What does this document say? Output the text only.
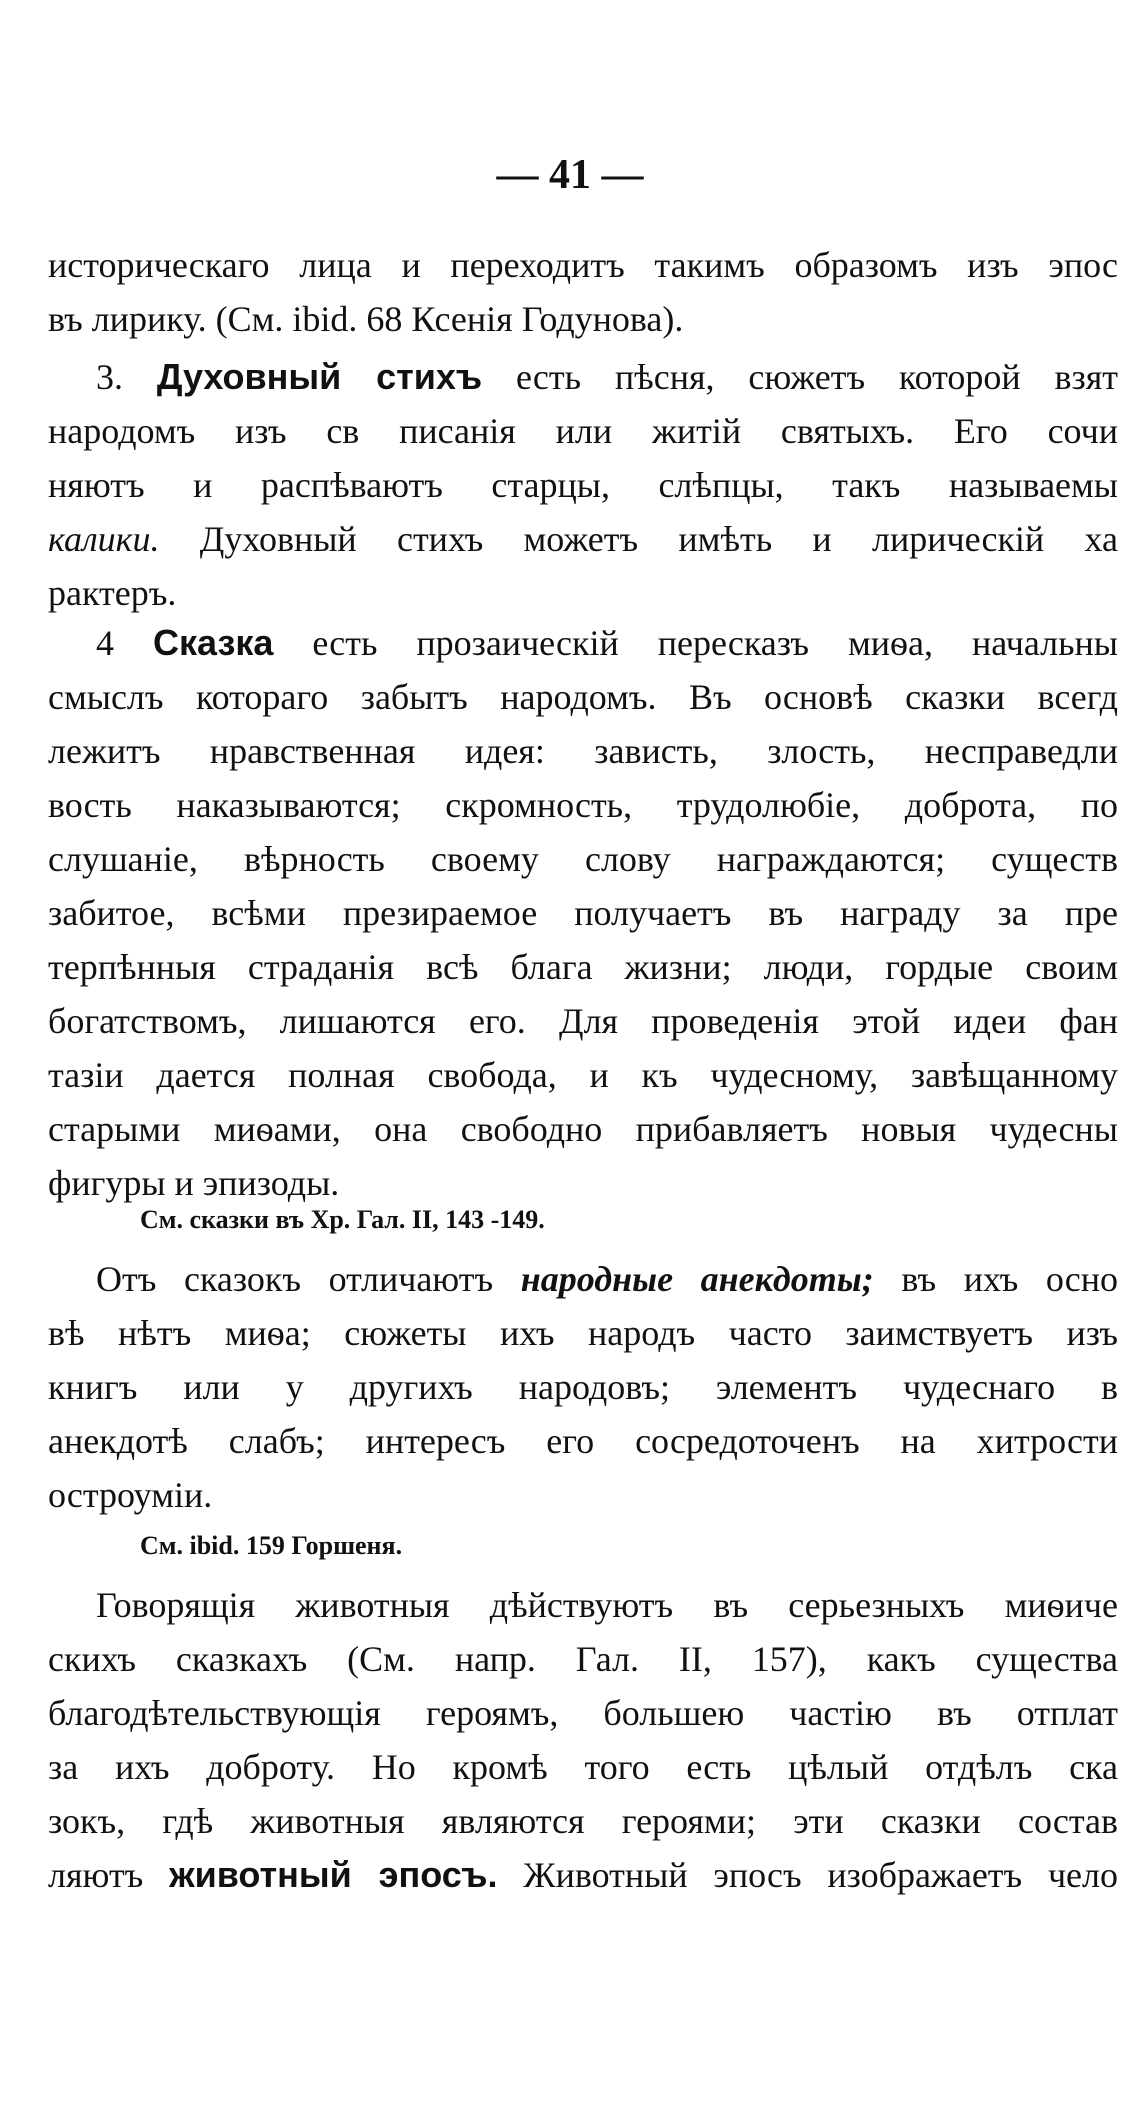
— 41 —
историческаго лица и переходитъ такимъ образомъ изъ эпос
въ лирику. (См. ibid. 68 Ксенія Годунова).
3. Духовный стихъ есть пѣсня, сюжетъ которой взят
народомъ изъ св писанія или житій святыхъ. Его сочи
няютъ и распѣваютъ старцы, слѣпцы, такъ называемы
калики. Духовный стихъ можетъ имѣть и лирическій ха
рактеръ.
4 Сказка есть прозаическій пересказъ миѳа, начальны
смыслъ котораго забытъ народомъ. Въ основѣ сказки всегд
лежитъ нравственная идея: зависть, злость, несправедли
вость наказываются; скромность, трудолюбіе, доброта, по
слушаніе, вѣрность своему слову награждаются; существ
забитое, всѣми презираемое получаетъ въ награду за пре
терпѣнныя страданія всѣ блага жизни; люди, гордые своим
богатствомъ, лишаются его. Для проведенія этой идеи фан
тазіи дается полная свобода, и къ чудесному, завѣщанному
старыми миѳами, она свободно прибавляетъ новыя чудесны
фигуры и эпизоды.
См. сказки въ Хр. Гал. II, 143 -149.
Отъ сказокъ отличаютъ народные анекдоты; въ ихъ осно
вѣ нѣтъ миѳа; сюжеты ихъ народъ часто заимствуетъ изъ
книгъ или у другихъ народовъ; элементъ чудеснаго в
анекдотѣ слабъ; интересъ его сосредоточенъ на хитрости
остроуміи.
См. ibid. 159 Горшеня.
Говорящія животныя дѣйствуютъ въ серьезныхъ миѳиче
скихъ сказкахъ (См. напр. Гал. II, 157), какъ существа
благодѣтельствующія героямъ, большею частію въ отплат
за ихъ доброту. Но кромѣ того есть цѣлый отдѣлъ ска
зокъ, гдѣ животныя являются героями; эти сказки состав
ляютъ животный эпосъ. Животный эпосъ изображаетъ чело
